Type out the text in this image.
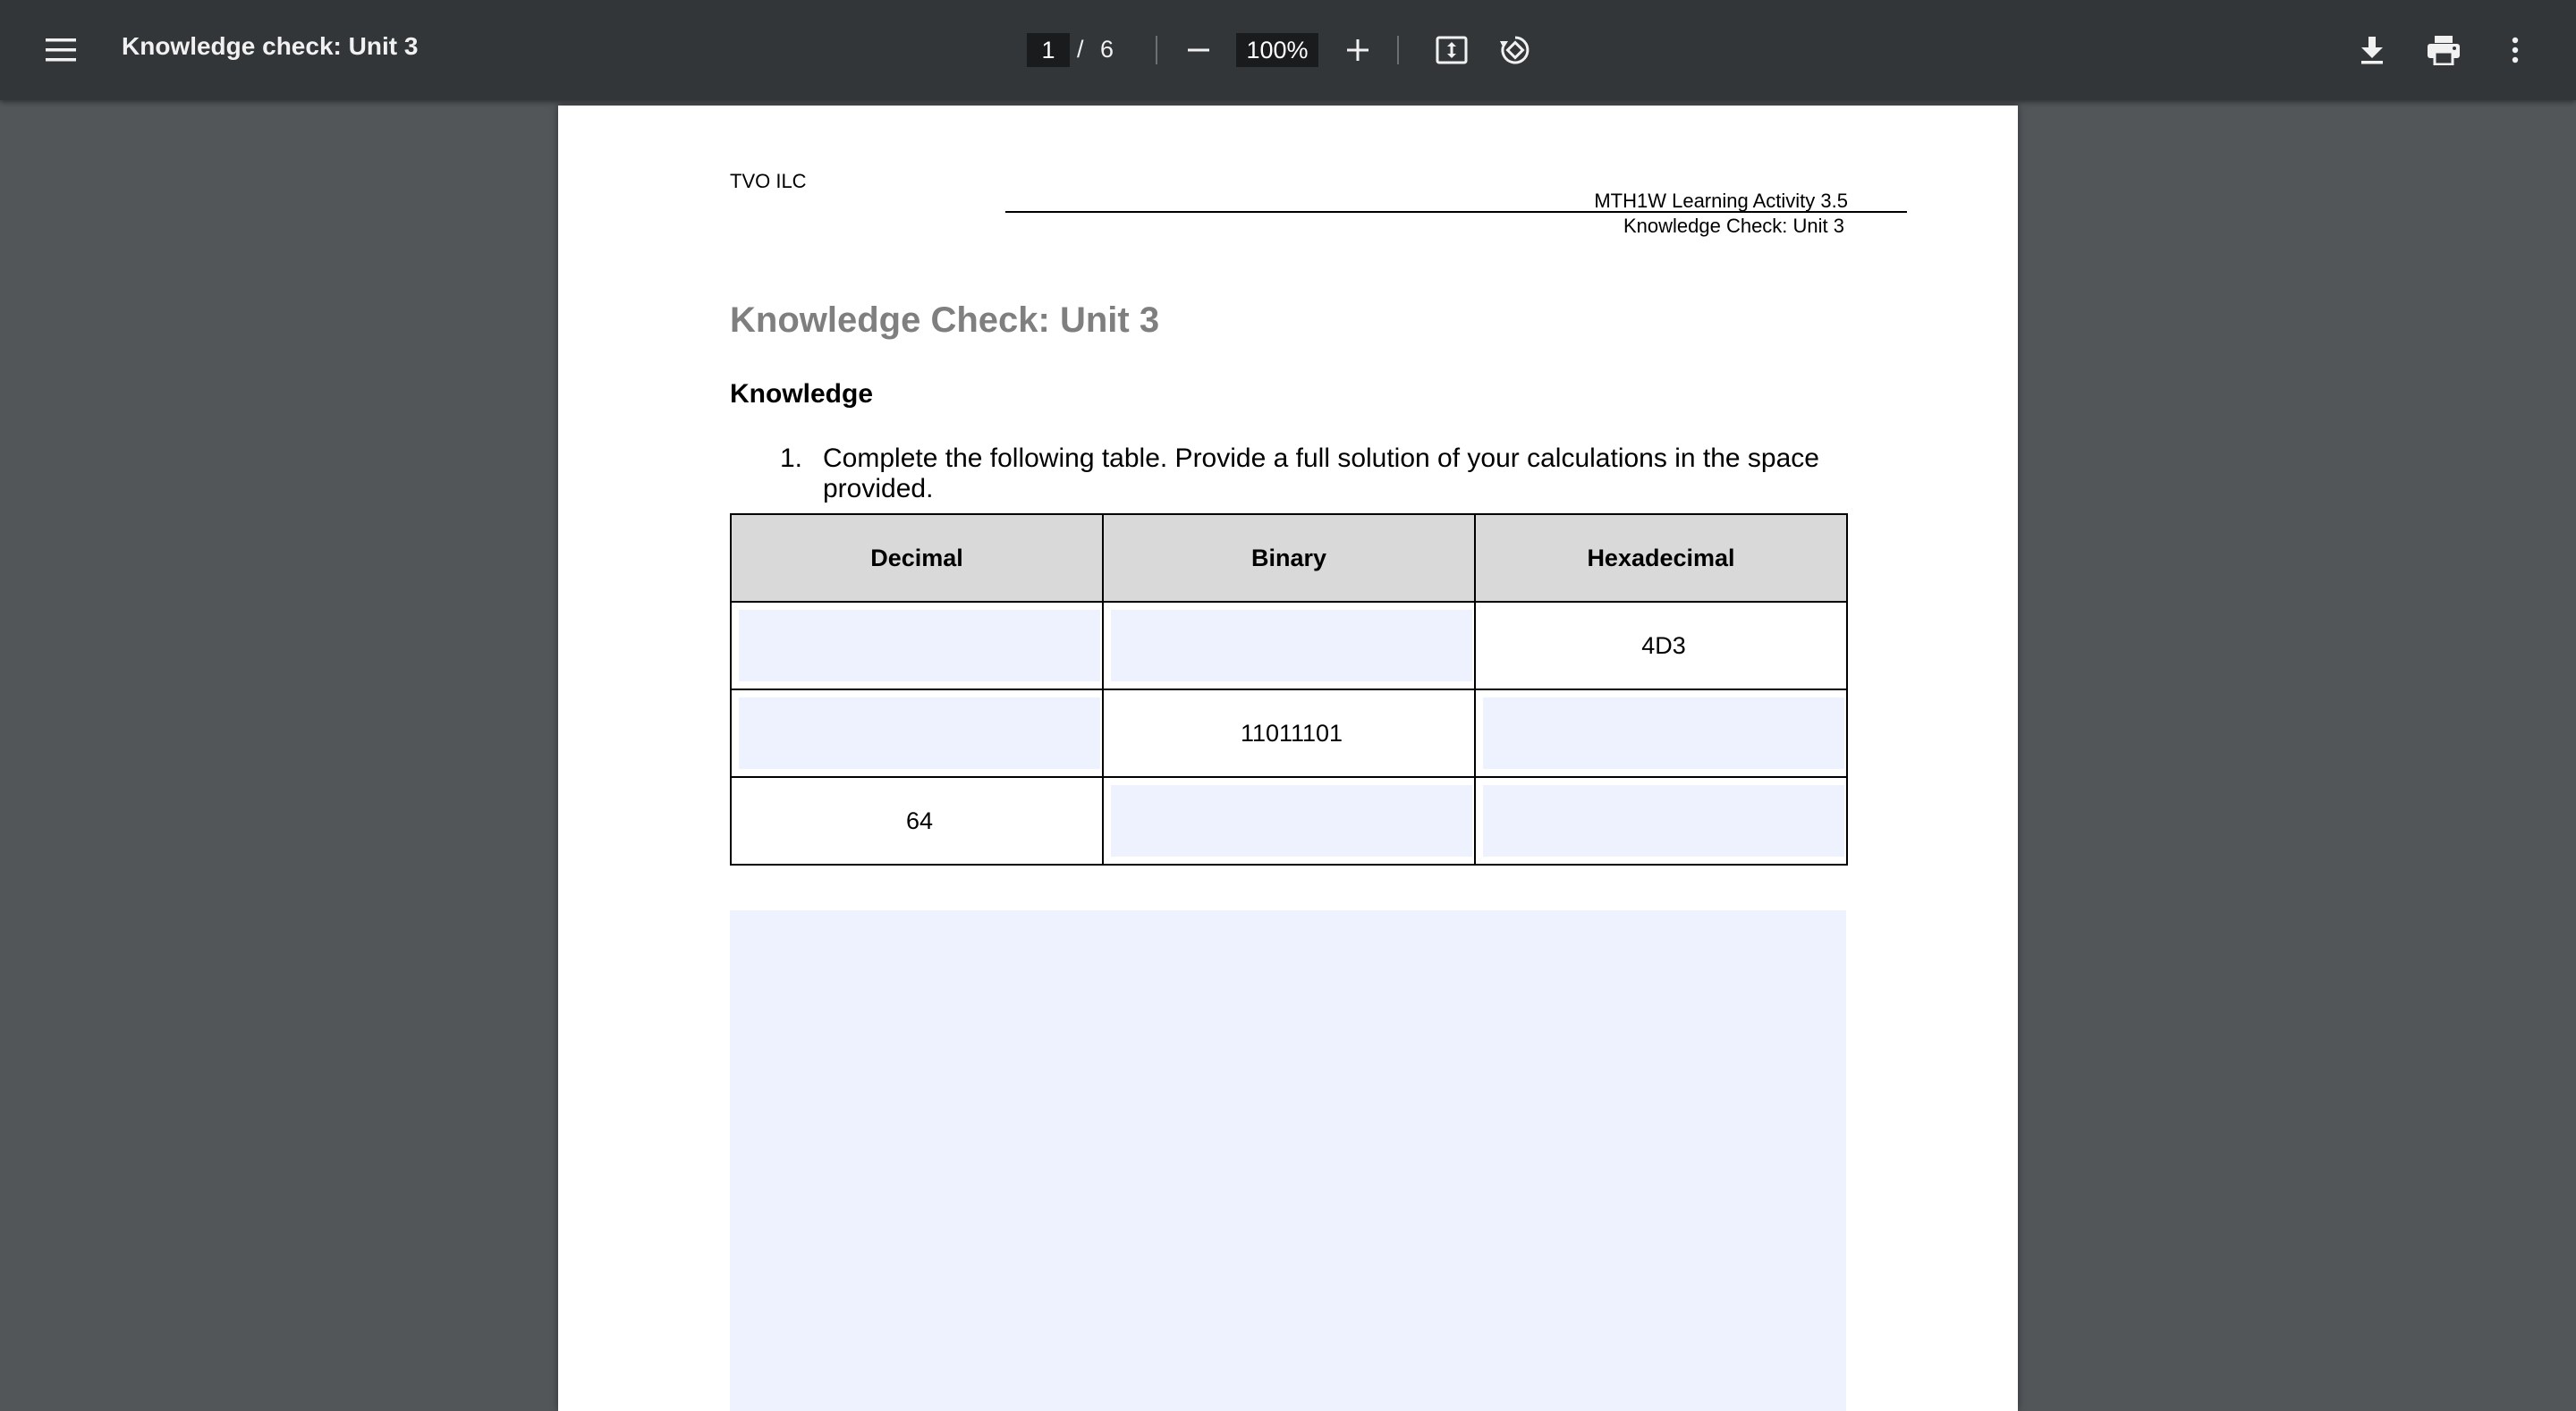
Knowledge check: Unit 3
1	/ 6
100%
TVO ILC
MTH1W Learning Activity 3.5
Knowledge Check: Unit 3
Knowledge Check: Unit 3
Knowledge
1. Complete the following table. Provide a full solution of your calculations in the space provided.
Decimal	Binary	Hexadecimal

		4D3

	11011101	

64		
